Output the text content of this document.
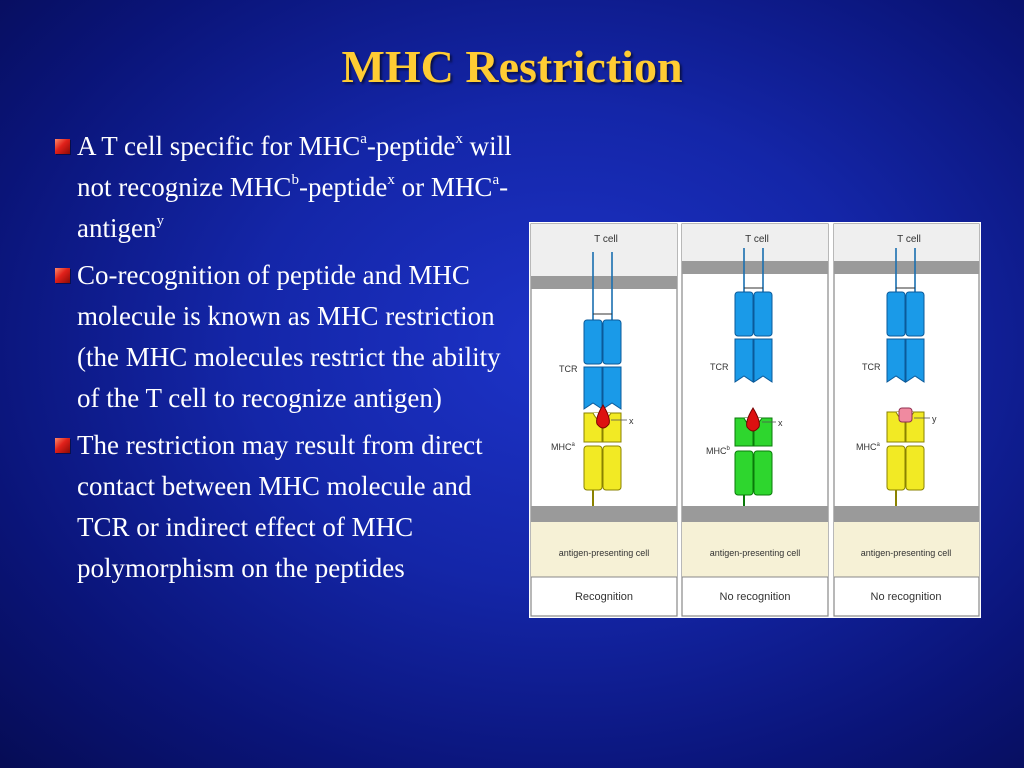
MHC Restriction
A T cell specific for MHC$^a$-peptide$^x$ will not recognize MHC$^b$-peptide$^x$ or MHC$^a$-antigen$^y$
Co-recognition of peptide and MHC molecule is known as MHC restriction (the MHC molecules restrict the ability of the T cell to recognize antigen)
The restriction may result from direct contact between MHC molecule and TCR or indirect effect of MHC polymorphism on the peptides
T cell
TCR
x
MHC$^a$
antigen-presenting cell
Recognition
T cell
TCR
x
MHC$^b$
antigen-presenting cell
No recognition
T cell
TCR
y
MHC$^a$
antigen-presenting cell
No recognition
